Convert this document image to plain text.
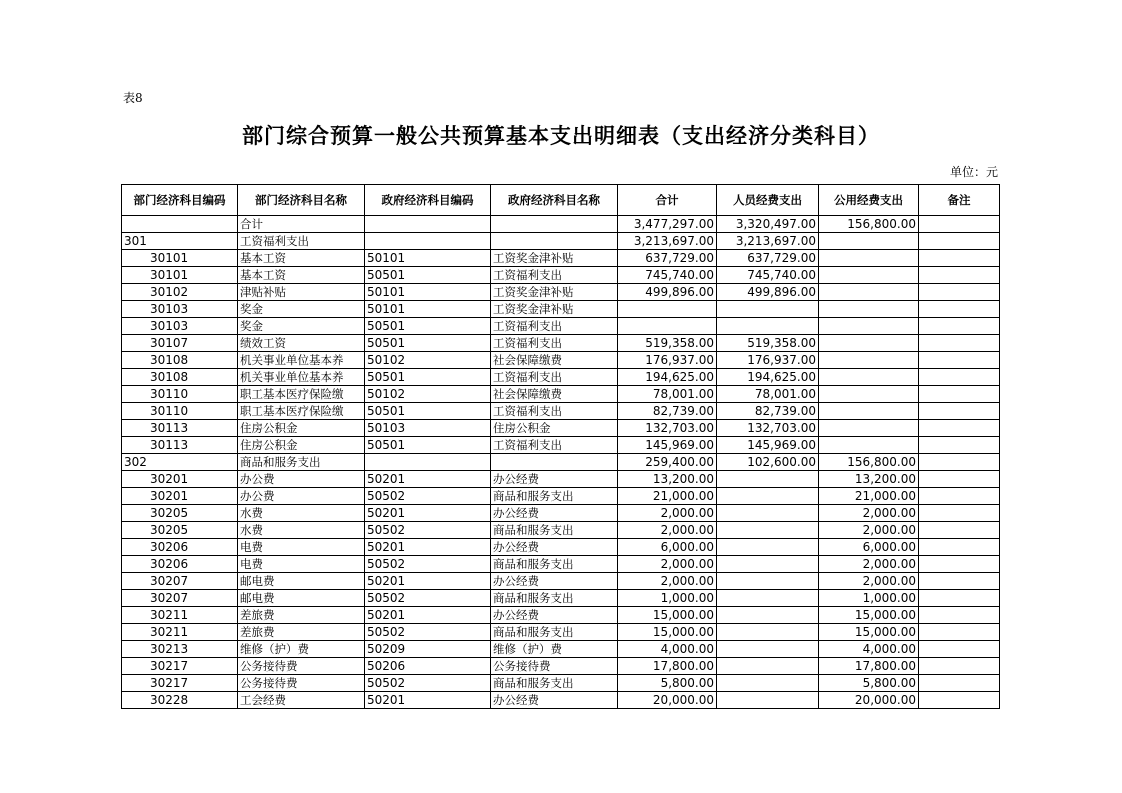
表8
部门综合预算一般公共预算基本支出明细表（支出经济分类科目）
单位：元
部门经济科目编码	部门经济科目名称	政府经济科目编码	政府经济科目名称	合计	人员经费支出	公用经费支出	备注
	合计			3,477,297.00	3,320,497.00	156,800.00	
301	工资福利支出			3,213,697.00	3,213,697.00		
30101	基本工资	50101	工资奖金津补贴	637,729.00	637,729.00		
30101	基本工资	50501	工资福利支出	745,740.00	745,740.00		
30102	津贴补贴	50101	工资奖金津补贴	499,896.00	499,896.00		
30103	奖金	50101	工资奖金津补贴				
30103	奖金	50501	工资福利支出				
30107	绩效工资	50501	工资福利支出	519,358.00	519,358.00		
30108	机关事业单位基本养	50102	社会保障缴费	176,937.00	176,937.00		
30108	机关事业单位基本养	50501	工资福利支出	194,625.00	194,625.00		
30110	职工基本医疗保险缴	50102	社会保障缴费	78,001.00	78,001.00		
30110	职工基本医疗保险缴	50501	工资福利支出	82,739.00	82,739.00		
30113	住房公积金	50103	住房公积金	132,703.00	132,703.00		
30113	住房公积金	50501	工资福利支出	145,969.00	145,969.00		
302	商品和服务支出			259,400.00	102,600.00	156,800.00	
30201	办公费	50201	办公经费	13,200.00		13,200.00	
30201	办公费	50502	商品和服务支出	21,000.00		21,000.00	
30205	水费	50201	办公经费	2,000.00		2,000.00	
30205	水费	50502	商品和服务支出	2,000.00		2,000.00	
30206	电费	50201	办公经费	6,000.00		6,000.00	
30206	电费	50502	商品和服务支出	2,000.00		2,000.00	
30207	邮电费	50201	办公经费	2,000.00		2,000.00	
30207	邮电费	50502	商品和服务支出	1,000.00		1,000.00	
30211	差旅费	50201	办公经费	15,000.00		15,000.00	
30211	差旅费	50502	商品和服务支出	15,000.00		15,000.00	
30213	维修（护）费	50209	维修（护）费	4,000.00		4,000.00	
30217	公务接待费	50206	公务接待费	17,800.00		17,800.00	
30217	公务接待费	50502	商品和服务支出	5,800.00		5,800.00	
30228	工会经费	50201	办公经费	20,000.00		20,000.00	
